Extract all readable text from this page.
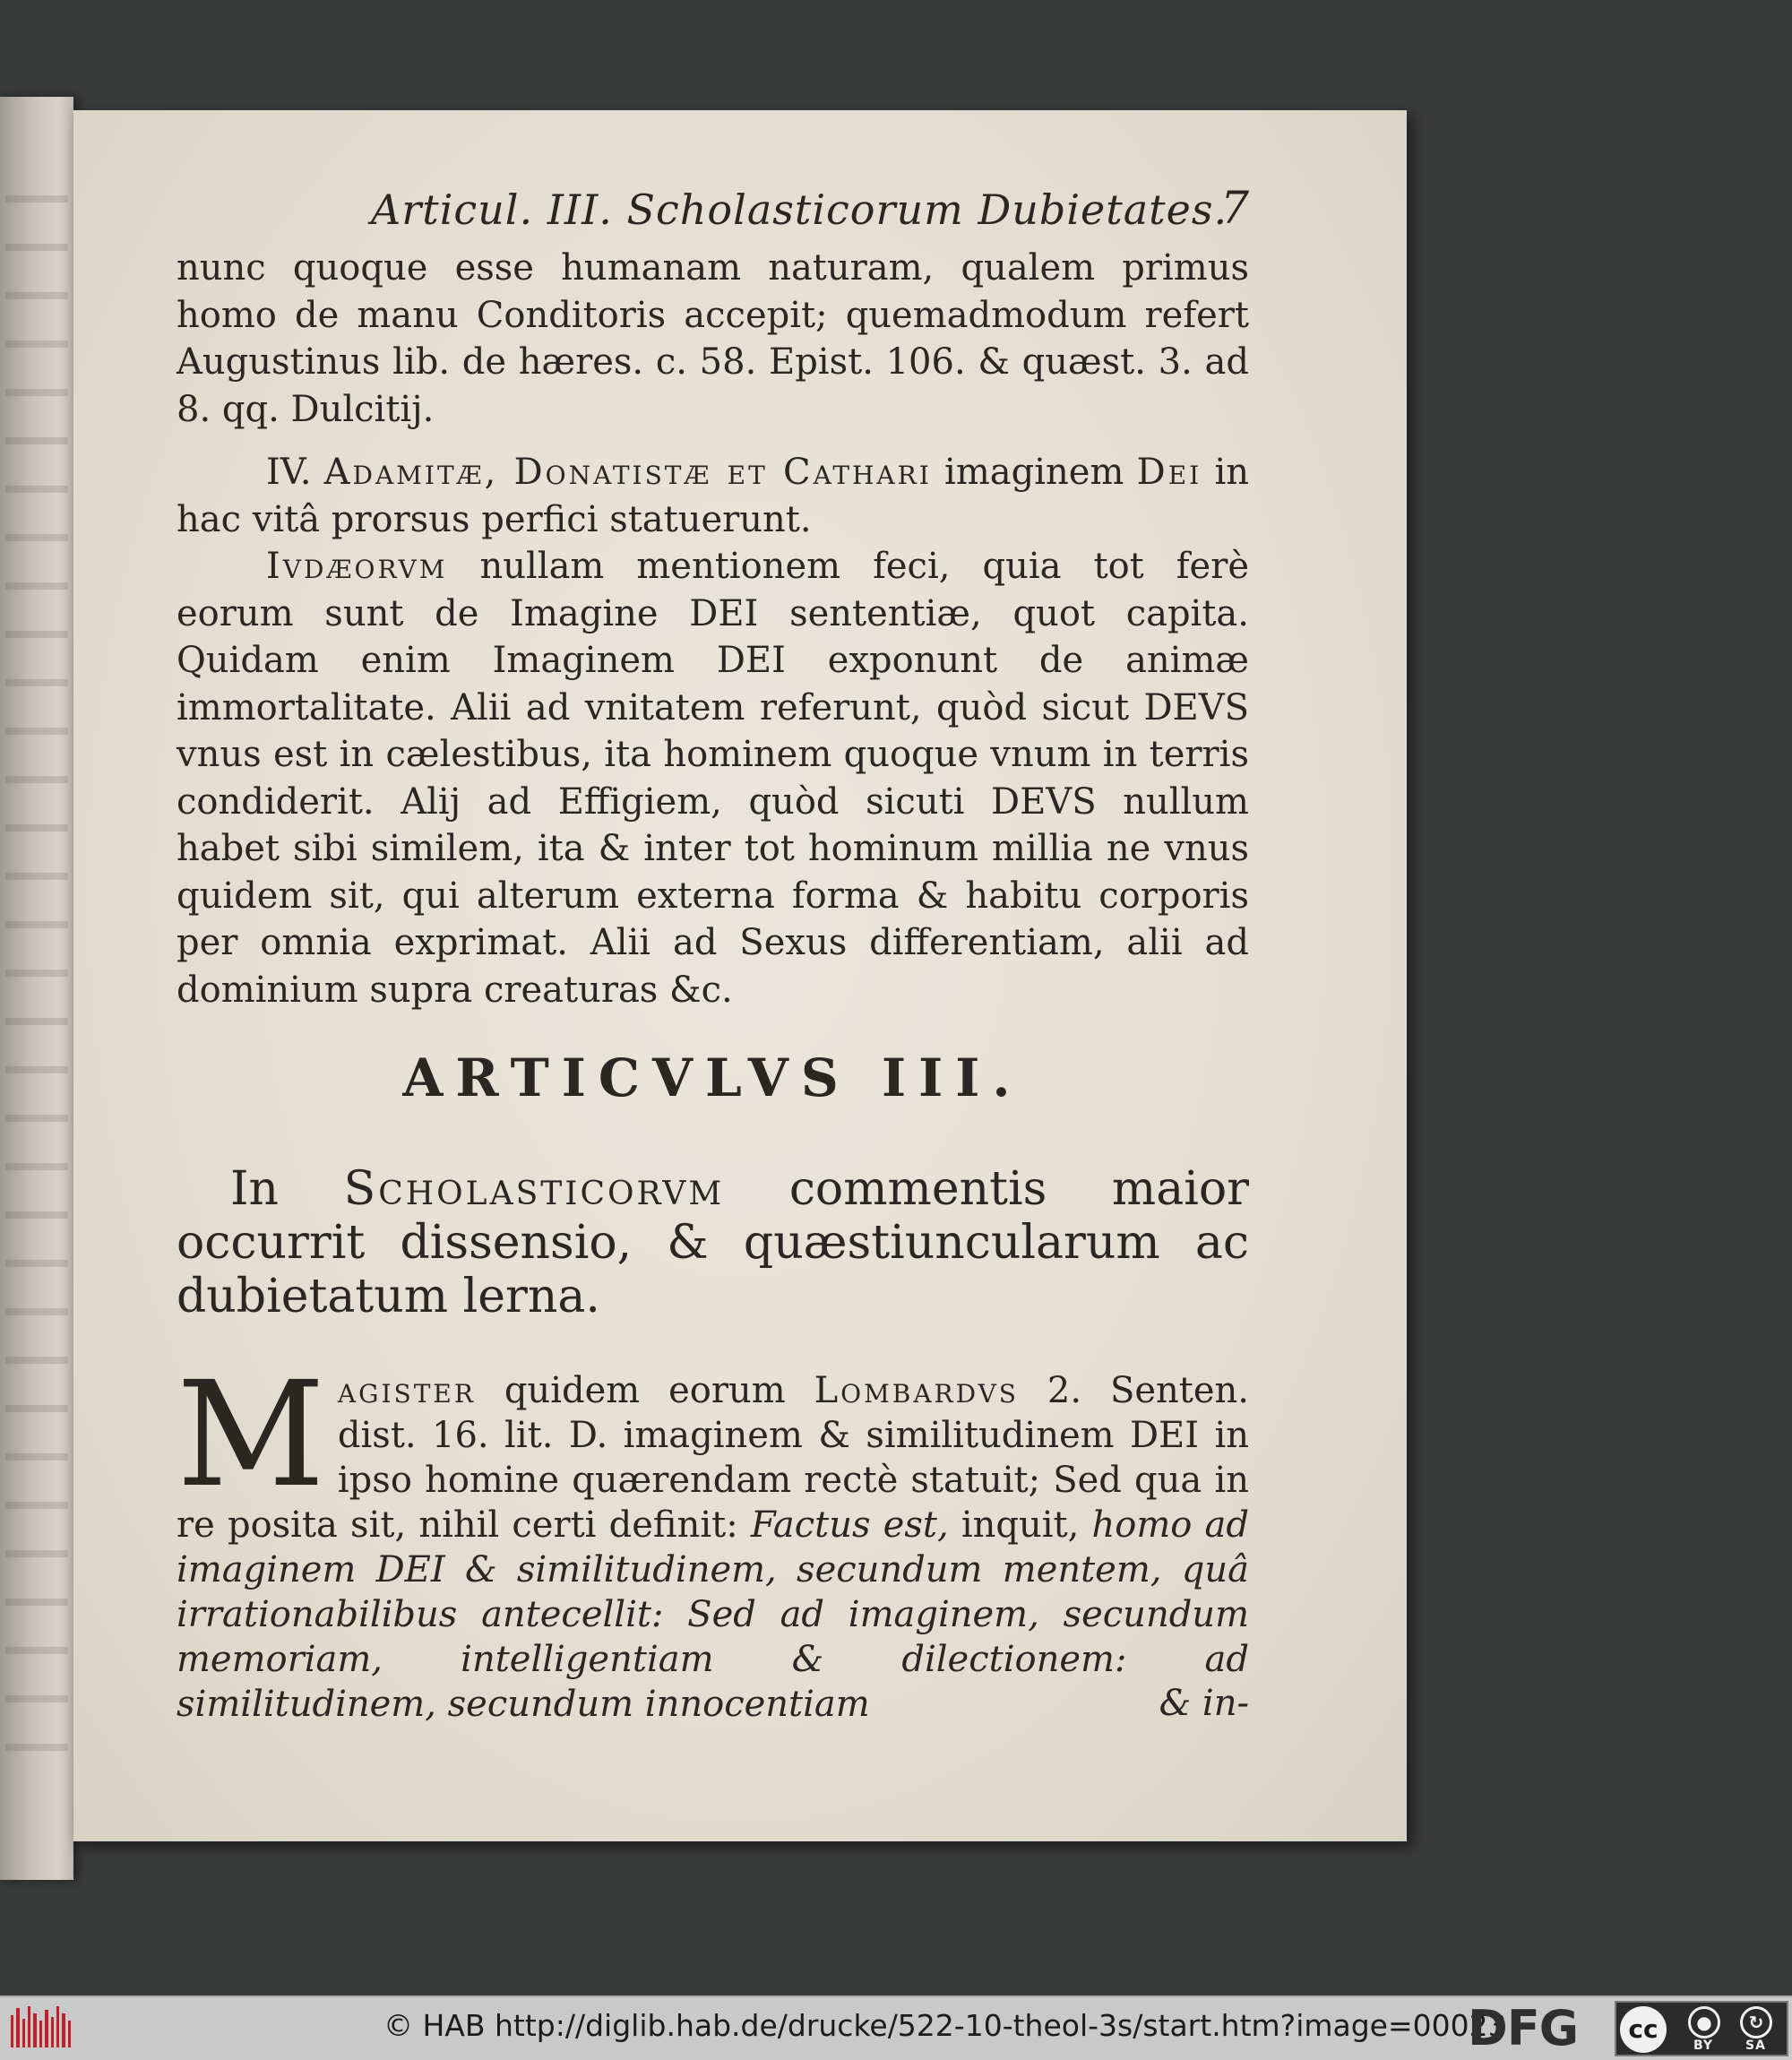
Articul. III. Scholasticorum Dubietates.
7

nunc quoque esse humanam naturam, qualem primus homo de manu Conditoris accepit; quemadmodum refert Augustinus lib. de hæres. c. 58. Epist. 106. & quæst. 3. ad 8. qq. Dulcitij.

IV. Adamitæ, Donatistæ et Cathari imaginem Dei in hac vitâ prorsus perfici statuerunt.

Ivdæorvm nullam mentionem feci, quia tot ferè eorum sunt de Imagine DEI sententiæ, quot capita. Quidam enim Imaginem DEI exponunt de animæ immortalitate. Alii ad vnitatem referunt, quòd sicut DEVS vnus est in cælestibus, ita hominem quoque vnum in terris condiderit. Alij ad Effigiem, quòd sicuti DEVS nullum habet sibi similem, ita & inter tot hominum millia ne vnus quidem sit, qui alterum externa forma & habitu corporis per omnia exprimat. Alii ad Sexus differentiam, alii ad dominium supra creaturas &c.

ARTICVLVS III.

In Scholasticorvm commentis maior occurrit dissensio, & quæstiuncularum ac dubietatum lerna.

Magister quidem eorum Lombardvs 2. Senten. dist. 16. lit. D. imaginem & similitudinem DEI in ipso homine quærendam rectè statuit; Sed qua in re posita sit, nihil certi definit: Factus est, inquit, homo ad imaginem DEI & similitudinem, secundum mentem, quâ irrationabilibus antecellit: Sed ad imaginem, secundum memoriam, intelligentiam & dilectionem: ad similitudinem, secundum innocentiam	& in-
© HAB http://diglib.hab.de/drucke/522-10-theol-3s/start.htm?image=00023
DFG	cc	●
BY
↻
SA
